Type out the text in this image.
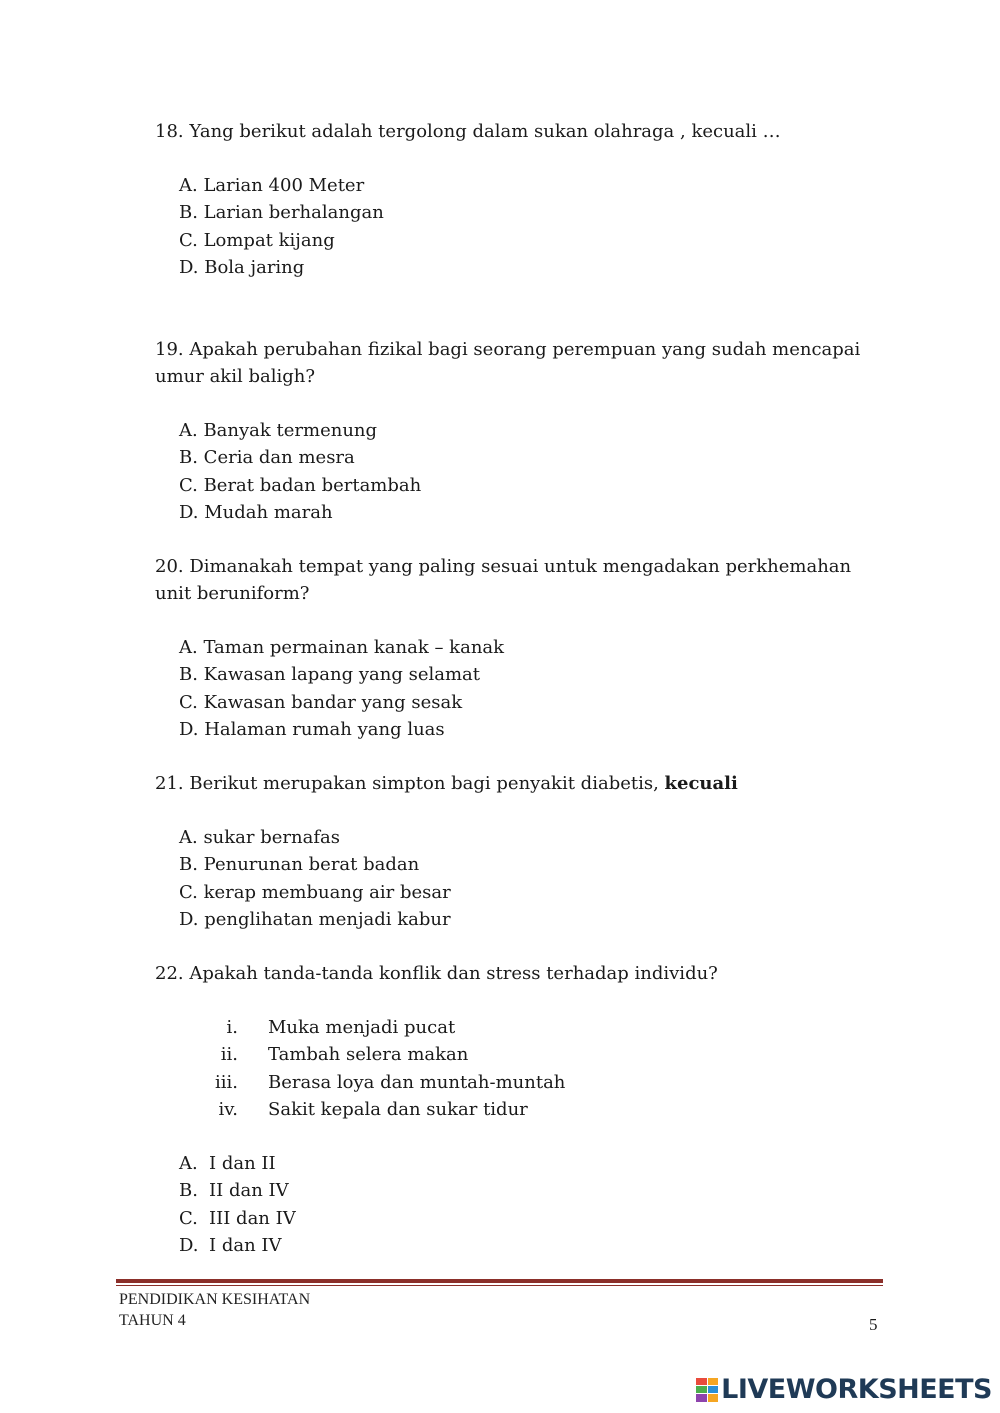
18. Yang berikut adalah tergolong dalam sukan olahraga , kecuali …
A. Larian 400 Meter
B. Larian berhalangan
C. Lompat kijang
D. Bola jaring
19. Apakah perubahan fizikal bagi seorang perempuan yang sudah mencapai umur akil baligh?
A. Banyak termenung
B. Ceria dan mesra
C. Berat badan bertambah
D. Mudah marah
20. Dimanakah tempat yang paling sesuai untuk mengadakan perkhemahan unit beruniform?
A. Taman permainan kanak – kanak
B. Kawasan lapang yang selamat
C. Kawasan bandar yang sesak
D. Halaman rumah yang luas
21. Berikut merupakan simpton bagi penyakit diabetis, kecuali
A. sukar bernafas
B. Penurunan berat badan
C. kerap membuang air besar
D. penglihatan menjadi kabur
22. Apakah tanda-tanda konflik dan stress terhadap individu?
i. Muka menjadi pucat
ii. Tambah selera makan
iii. Berasa loya dan muntah-muntah
iv. Sakit kepala dan sukar tidur
A. I dan II
B. II dan IV
C. III dan IV
D. I dan IV
PENDIDIKAN KESIHATAN
TAHUN 4	5
LIVEWORKSHEETS
